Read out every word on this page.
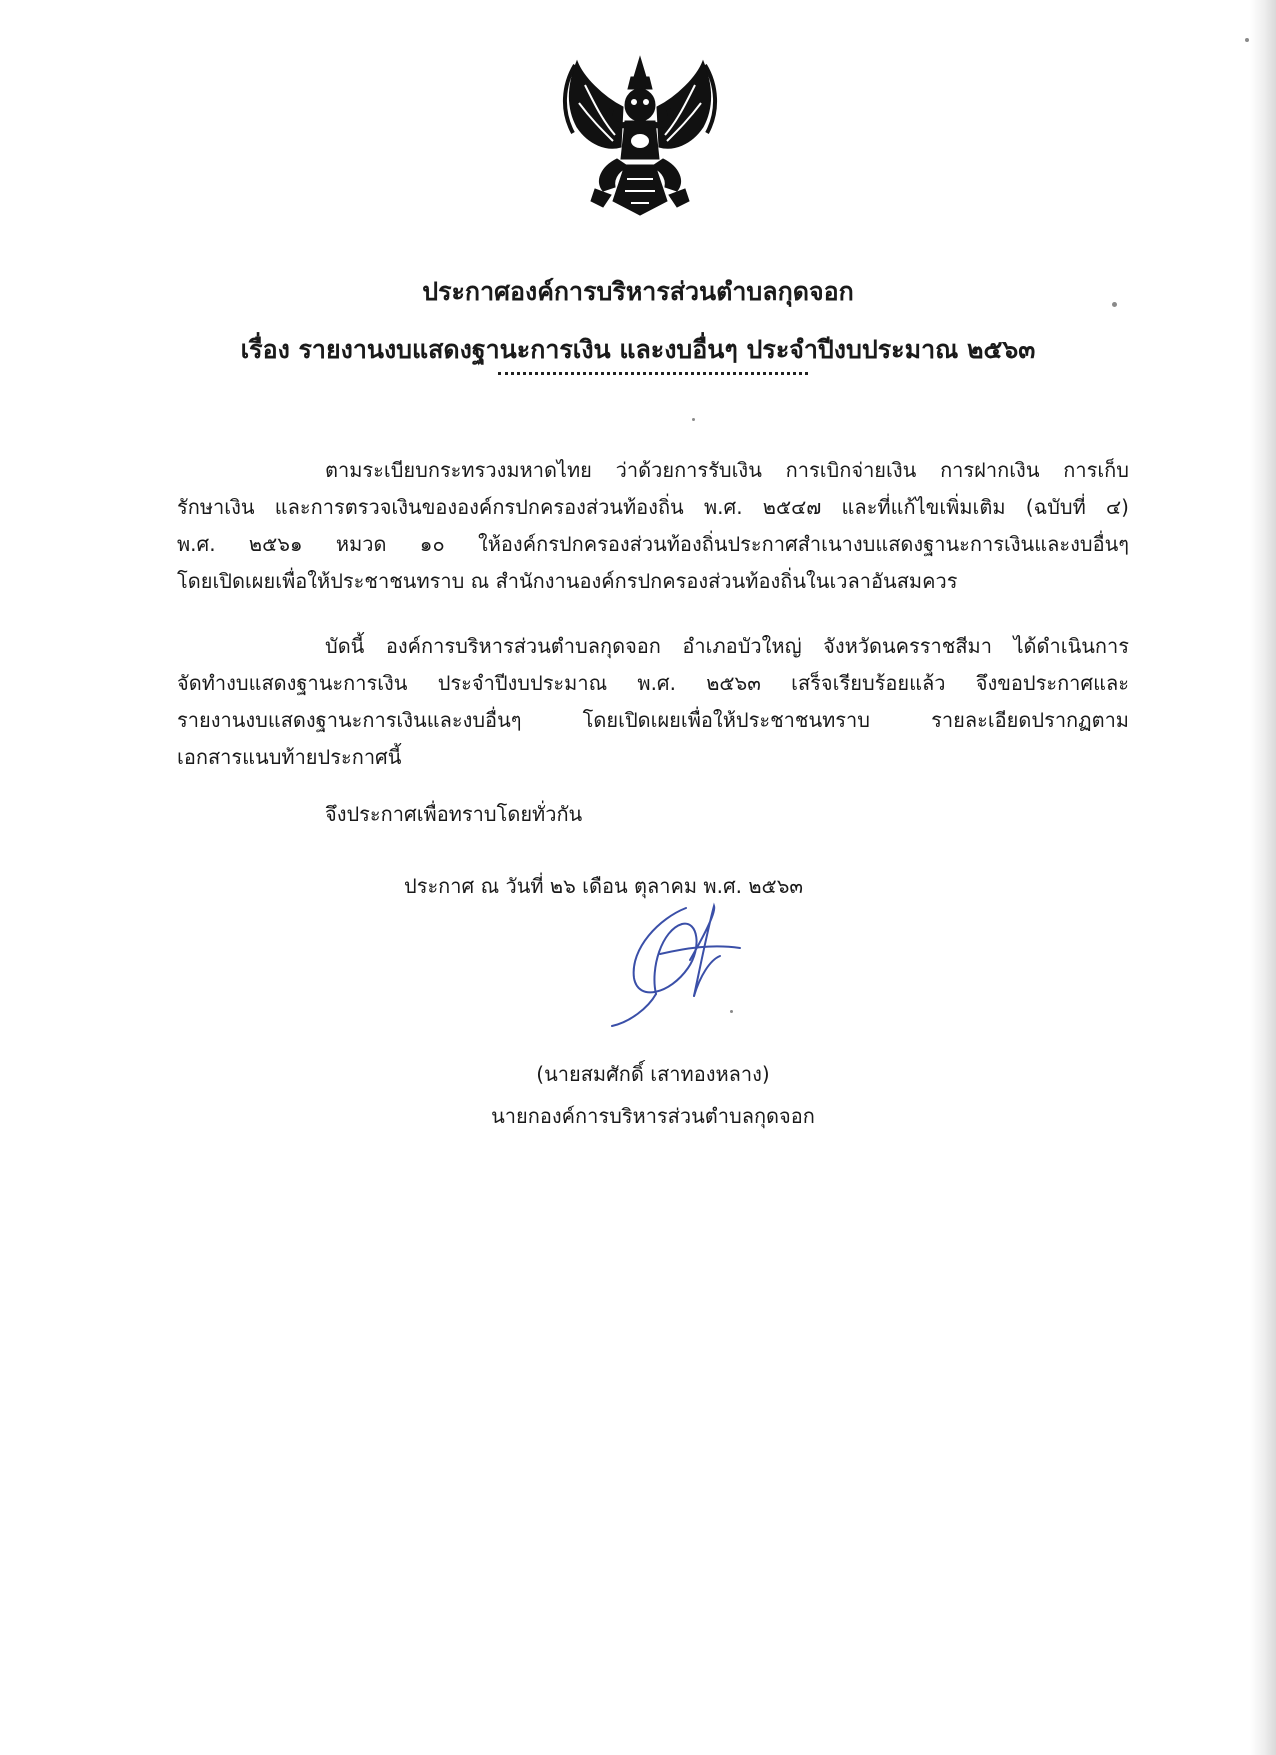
ประกาศองค์การบริหารส่วนตำบลกุดจอก
เรื่อง รายงานงบแสดงฐานะการเงิน และงบอื่นๆ ประจำปีงบประมาณ ๒๕๖๓
ตามระเบียบกระทรวงมหาดไทย ว่าด้วยการรับเงิน การเบิกจ่ายเงิน การฝากเงิน การเก็บ
รักษาเงิน และการตรวจเงินขององค์กรปกครองส่วนท้องถิ่น พ.ศ. ๒๕๔๗ และที่แก้ไขเพิ่มเติม (ฉบับที่ ๔)
พ.ศ. ๒๕๖๑ หมวด ๑๐ ให้องค์กรปกครองส่วนท้องถิ่นประกาศสำเนางบแสดงฐานะการเงินและงบอื่นๆ
โดยเปิดเผยเพื่อให้ประชาชนทราบ ณ สำนักงานองค์กรปกครองส่วนท้องถิ่นในเวลาอันสมควร
บัดนี้ องค์การบริหารส่วนตำบลกุดจอก อำเภอบัวใหญ่ จังหวัดนครราชสีมา ได้ดำเนินการ
จัดทำงบแสดงฐานะการเงิน ประจำปีงบประมาณ พ.ศ. ๒๕๖๓ เสร็จเรียบร้อยแล้ว จึงขอประกาศและ
รายงานงบแสดงฐานะการเงินและงบอื่นๆ โดยเปิดเผยเพื่อให้ประชาชนทราบ รายละเอียดปรากฏตาม
เอกสารแนบท้ายประกาศนี้
จึงประกาศเพื่อทราบโดยทั่วกัน
ประกาศ ณ วันที่ ๒๖ เดือน ตุลาคม พ.ศ. ๒๕๖๓
(นายสมศักดิ์ เสาทองหลาง)
นายกองค์การบริหารส่วนตำบลกุดจอก
